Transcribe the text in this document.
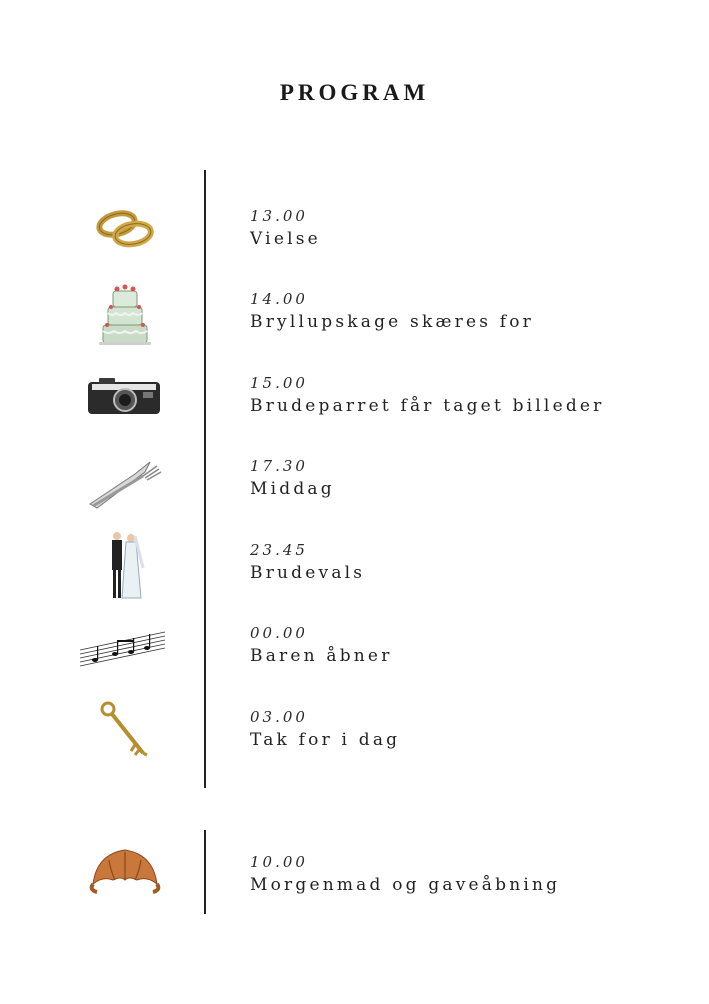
PROGRAM
13.00
Vielse
14.00
Bryllupskage skæres for
15.00
Brudeparret får taget billeder
17.30
Middag
23.45
Brudevals
00.00
Baren åbner
03.00
Tak for i dag
10.00
Morgenmad og gaveåbning
